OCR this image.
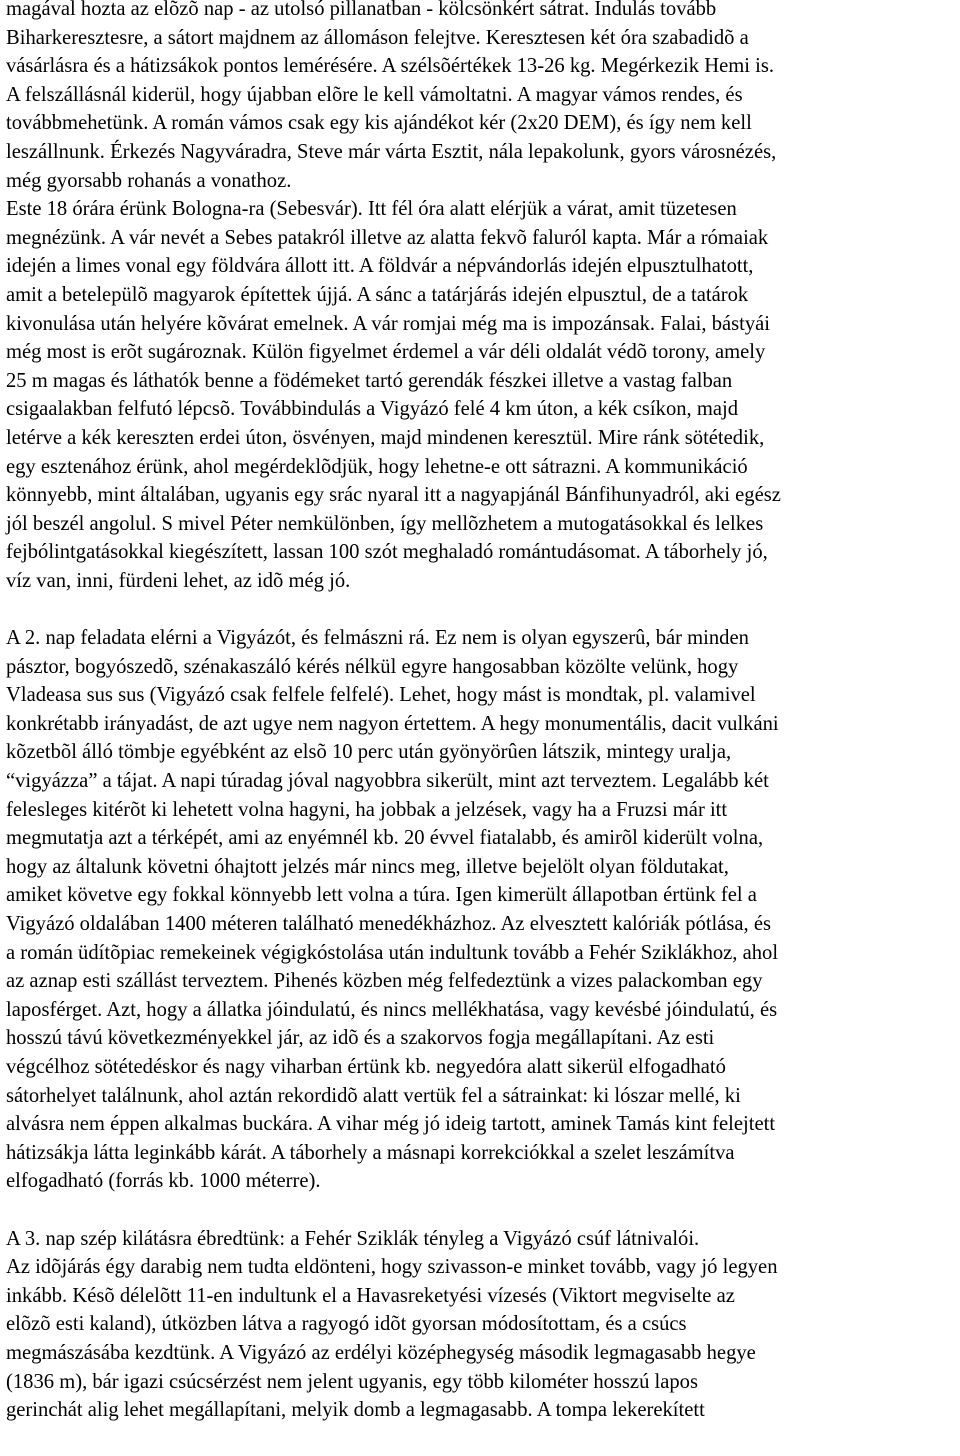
magával hozta az elõzõ nap - az utolsó pillanatban - kölcsönkért sátrat. Indulás tovább
Biharkeresztesre, a sátort majdnem az állomáson felejtve. Keresztesen két óra szabadidõ a
vásárlásra és a hátizsákok pontos lemérésére. A szélsõértékek 13-26 kg. Megérkezik Hemi is.
A felszállásnál kiderül, hogy újabban elõre le kell vámoltatni. A magyar vámos rendes, és
továbbmehetünk. A román vámos csak egy kis ajándékot kér (2x20 DEM), és így nem kell
leszállnunk. Érkezés Nagyváradra, Steve már várta Esztit, nála lepakolunk, gyors városnézés,
még gyorsabb rohanás a vonathoz.
Este 18 órára érünk Bologna-ra (Sebesvár). Itt fél óra alatt elérjük a várat, amit tüzetesen
megnézünk. A vár nevét a Sebes patakról illetve az alatta fekvõ faluról kapta. Már a rómaiak
idején a limes vonal egy földvára állott itt. A földvár a népvándorlás idején elpusztulhatott,
amit a betelepülõ magyarok építettek újjá. A sánc a tatárjárás idején elpusztul, de a tatárok
kivonulása után helyére kõvárat emelnek. A vár romjai még ma is impozánsak. Falai, bástyái
még most is erõt sugároznak. Külön figyelmet érdemel a vár déli oldalát védõ torony, amely
25 m magas és láthatók benne a födémeket tartó gerendák fészkei illetve a vastag falban
csigaalakban felfutó lépcsõ. Továbbindulás a Vigyázó felé 4 km úton, a kék csíkon, majd
letérve a kék kereszten erdei úton, ösvényen, majd mindenen keresztül. Mire ránk sötétedik,
egy esztenához érünk, ahol megérdeklõdjük, hogy lehetne-e ott sátrazni. A kommunikáció
könnyebb, mint általában, ugyanis egy srác nyaral itt a nagyapjánál Bánfihunyadról, aki egész
jól beszél angolul. S mivel Péter nemkülönben, így mellõzhetem a mutogatásokkal és lelkes
fejbólintgatásokkal kiegészített, lassan 100 szót meghaladó romántudásomat. A táborhely jó,
víz van, inni, fürdeni lehet, az idõ még jó.
A 2. nap feladata elérni a Vigyázót, és felmászni rá. Ez nem is olyan egyszerû, bár minden
pásztor, bogyószedõ, szénakaszáló kérés nélkül egyre hangosabban közölte velünk, hogy
Vladeasa sus sus (Vigyázó csak felfele felfelé). Lehet, hogy mást is mondtak, pl. valamivel
konkrétabb irányadást, de azt ugye nem nagyon értettem. A hegy monumentális, dacit vulkáni
kõzetbõl álló tömbje egyébként az elsõ 10 perc után gyönyörûen látszik, mintegy uralja,
“vigyázza” a tájat. A napi túradag jóval nagyobbra sikerült, mint azt terveztem. Legalább két
felesleges kitérõt ki lehetett volna hagyni, ha jobbak a jelzések, vagy ha a Fruzsi már itt
megmutatja azt a térképét, ami az enyémnél kb. 20 évvel fiatalabb, és amirõl kiderült volna,
hogy az általunk követni óhajtott jelzés már nincs meg, illetve bejelölt olyan földutakat,
amiket követve egy fokkal könnyebb lett volna a túra. Igen kimerült állapotban értünk fel a
Vigyázó oldalában 1400 méteren található menedékházhoz. Az elvesztett kalóriák pótlása, és
a román üdítõpiac remekeinek végigkóstolása után indultunk tovább a Fehér Sziklákhoz, ahol
az aznap esti szállást terveztem. Pihenés közben még felfedeztünk a vizes palackomban egy
laposférget. Azt, hogy a állatka jóindulatú, és nincs mellékhatása, vagy kevésbé jóindulatú, és
hosszú távú következményekkel jár, az idõ és a szakorvos fogja megállapítani. Az esti
végcélhoz sötétedéskor és nagy viharban értünk kb. negyedóra alatt sikerül elfogadható
sátorhelyet találnunk, ahol aztán rekordidõ alatt vertük fel a sátrainkat: ki lószar mellé, ki
alvásra nem éppen alkalmas buckára. A vihar még jó ideig tartott, aminek Tamás kint felejtett
hátizsákja látta leginkább kárát. A táborhely a másnapi korrekciókkal a szelet leszámítva
elfogadható (forrás kb. 1000 méterre).
A 3. nap szép kilátásra ébredtünk: a Fehér Sziklák tényleg a Vigyázó csúf látnivalói.
Az idõjárás égy darabig nem tudta eldönteni, hogy szivasson-e minket tovább, vagy jó legyen
inkább. Késõ délelõtt 11-en indultunk el a Havasreketyési vízesés (Viktort megviselte az
elõzõ esti kaland), útközben látva a ragyogó idõt gyorsan módosítottam, és a csúcs
megmászásába kezdtünk. A Vigyázó az erdélyi középhegység második legmagasabb hegye
(1836 m), bár igazi csúcsérzést nem jelent ugyanis, egy több kilométer hosszú lapos
gerinchát alig lehet megállapítani, melyik domb a legmagasabb. A tompa lekerekített
